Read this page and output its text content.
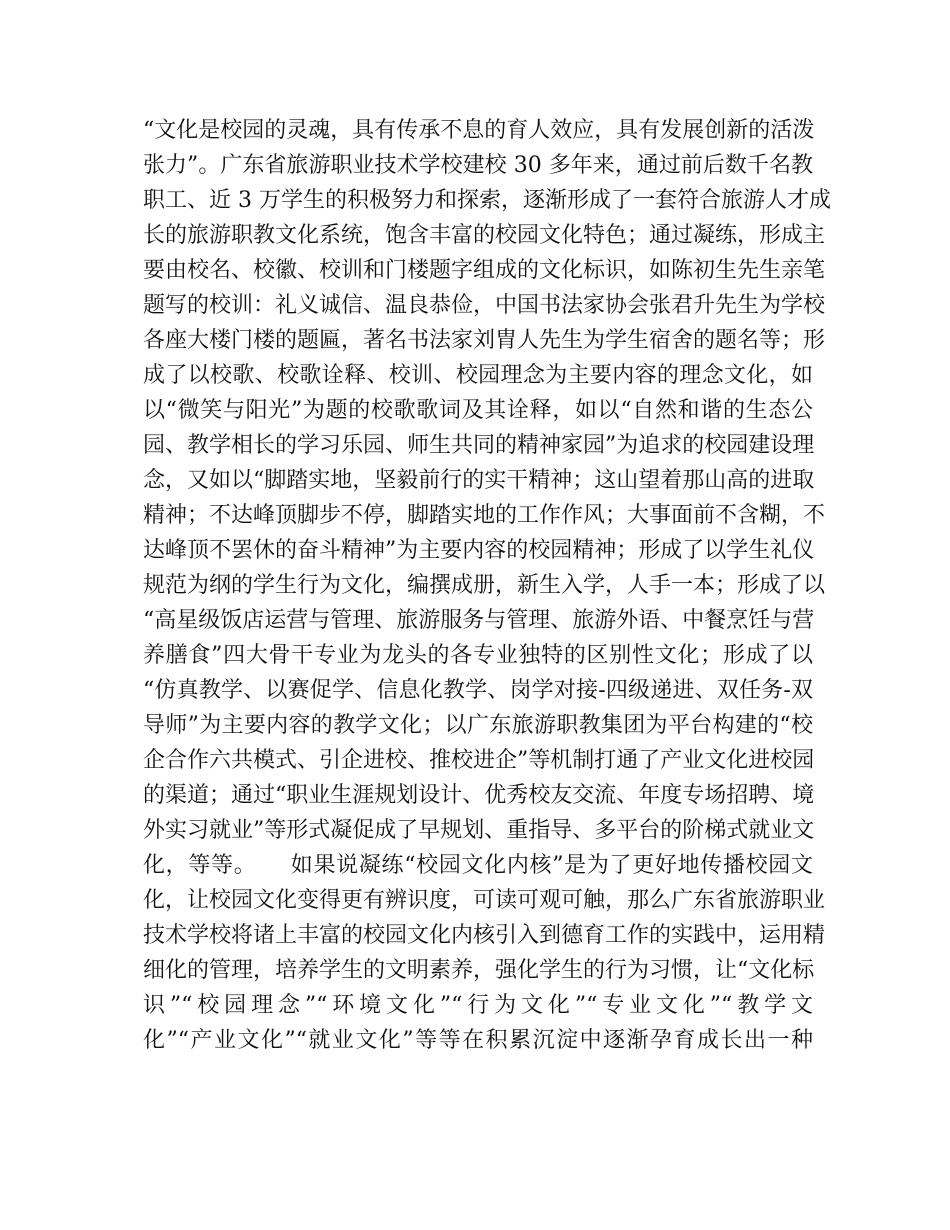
“文化是校园的灵魂，具有传承不息的育人效应，具有发展创新的活泼
张力”。广东省旅游职业技术学校建校 30 多年来，通过前后数千名教
职工、近 3 万学生的积极努力和探索，逐渐形成了一套符合旅游人才成
长的旅游职教文化系统，饱含丰富的校园文化特色；通过凝练，形成主
要由校名、校徽、校训和门楼题字组成的文化标识，如陈初生先生亲笔
题写的校训：礼义诚信、温良恭俭，中国书法家协会张君升先生为学校
各座大楼门楼的题匾，著名书法家刘胄人先生为学生宿舍的题名等；形
成了以校歌、校歌诠释、校训、校园理念为主要内容的理念文化，如
以“微笑与阳光”为题的校歌歌词及其诠释，如以“自然和谐的生态公
园、教学相长的学习乐园、师生共同的精神家园”为追求的校园建设理
念，又如以“脚踏实地，坚毅前行的实干精神；这山望着那山高的进取
精神；不达峰顶脚步不停，脚踏实地的工作作风；大事面前不含糊，不
达峰顶不罢休的奋斗精神”为主要内容的校园精神；形成了以学生礼仪
规范为纲的学生行为文化，编撰成册，新生入学，人手一本；形成了以
“高星级饭店运营与管理、旅游服务与管理、旅游外语、中餐烹饪与营
养膳食”四大骨干专业为龙头的各专业独特的区别性文化；形成了以
“仿真教学、以赛促学、信息化教学、岗学对接-四级递进、双任务-双
导师”为主要内容的教学文化；以广东旅游职教集团为平台构建的“校
企合作六共模式、引企进校、推校进企”等机制打通了产业文化进校园
的渠道；通过“职业生涯规划设计、优秀校友交流、年度专场招聘、境
外实习就业”等形式凝促成了早规划、重指导、多平台的阶梯式就业文
化，等等。　　如果说凝练“校园文化内核”是为了更好地传播校园文
化，让校园文化变得更有辨识度，可读可观可触，那么广东省旅游职业
技术学校将诸上丰富的校园文化内核引入到德育工作的实践中，运用精
细化的管理，培养学生的文明素养，强化学生的行为习惯，让“文化标
识”“校园理念”“环境文化”“行为文化”“专业文化”“教学文
化”“产业文化”“就业文化”等等在积累沉淀中逐渐孕育成长出一种
